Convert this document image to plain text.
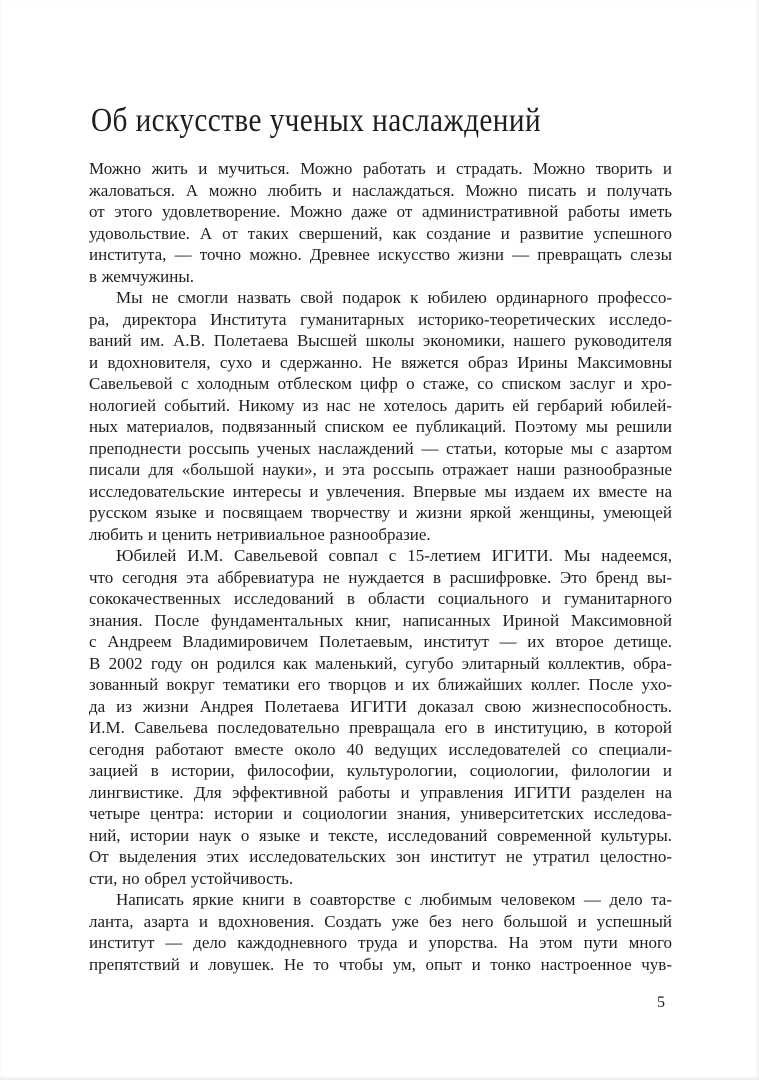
Об искусстве ученых наслаждений
Можно жить и мучиться. Можно работать и страдать. Можно творить и
жаловаться. А можно любить и наслаждаться. Можно писать и получать
от этого удовлетворение. Можно даже от административной работы иметь
удовольствие. А от таких свершений, как создание и развитие успешного
института, — точно можно. Древнее искусство жизни — превращать слезы
в жемчужины.
Мы не смогли назвать свой подарок к юбилею ординарного профессо-
ра, директора Института гуманитарных историко-теоретических исследо-
ваний им. А.В. Полетаева Высшей школы экономики, нашего руководителя
и вдохновителя, сухо и сдержанно. Не вяжется образ Ирины Максимовны
Савельевой с холодным отблеском цифр о стаже, со списком заслуг и хро-
нологией событий. Никому из нас не хотелось дарить ей гербарий юбилей-
ных материалов, подвязанный списком ее публикаций. Поэтому мы решили
преподнести россыпь ученых наслаждений — статьи, которые мы с азартом
писали для «большой науки», и эта россыпь отражает наши разнообразные
исследовательские интересы и увлечения. Впервые мы издаем их вместе на
русском языке и посвящаем творчеству и жизни яркой женщины, умеющей
любить и ценить нетривиальное разнообразие.
Юбилей И.М. Савельевой совпал с 15-летием ИГИТИ. Мы надеемся,
что сегодня эта аббревиатура не нуждается в расшифровке. Это бренд вы-
сококачественных исследований в области социального и гуманитарного
знания. После фундаментальных книг, написанных Ириной Максимовной
с Андреем Владимировичем Полетаевым, институт — их второе детище.
В 2002 году он родился как маленький, сугубо элитарный коллектив, обра-
зованный вокруг тематики его творцов и их ближайших коллег. После ухо-
да из жизни Андрея Полетаева ИГИТИ доказал свою жизнеспособность.
И.М. Савельева последовательно превращала его в институцию, в которой
сегодня работают вместе около 40 ведущих исследователей со специали-
зацией в истории, философии, культурологии, социологии, филологии и
лингвистике. Для эффективной работы и управления ИГИТИ разделен на
четыре центра: истории и социологии знания, университетских исследова-
ний, истории наук о языке и тексте, исследований современной культуры.
От выделения этих исследовательских зон институт не утратил целостно-
сти, но обрел устойчивость.
Написать яркие книги в соавторстве с любимым человеком — дело та-
ланта, азарта и вдохновения. Создать уже без него большой и успешный
институт — дело каждодневного труда и упорства. На этом пути много
препятствий и ловушек. Не то чтобы ум, опыт и тонко настроенное чув-
5
